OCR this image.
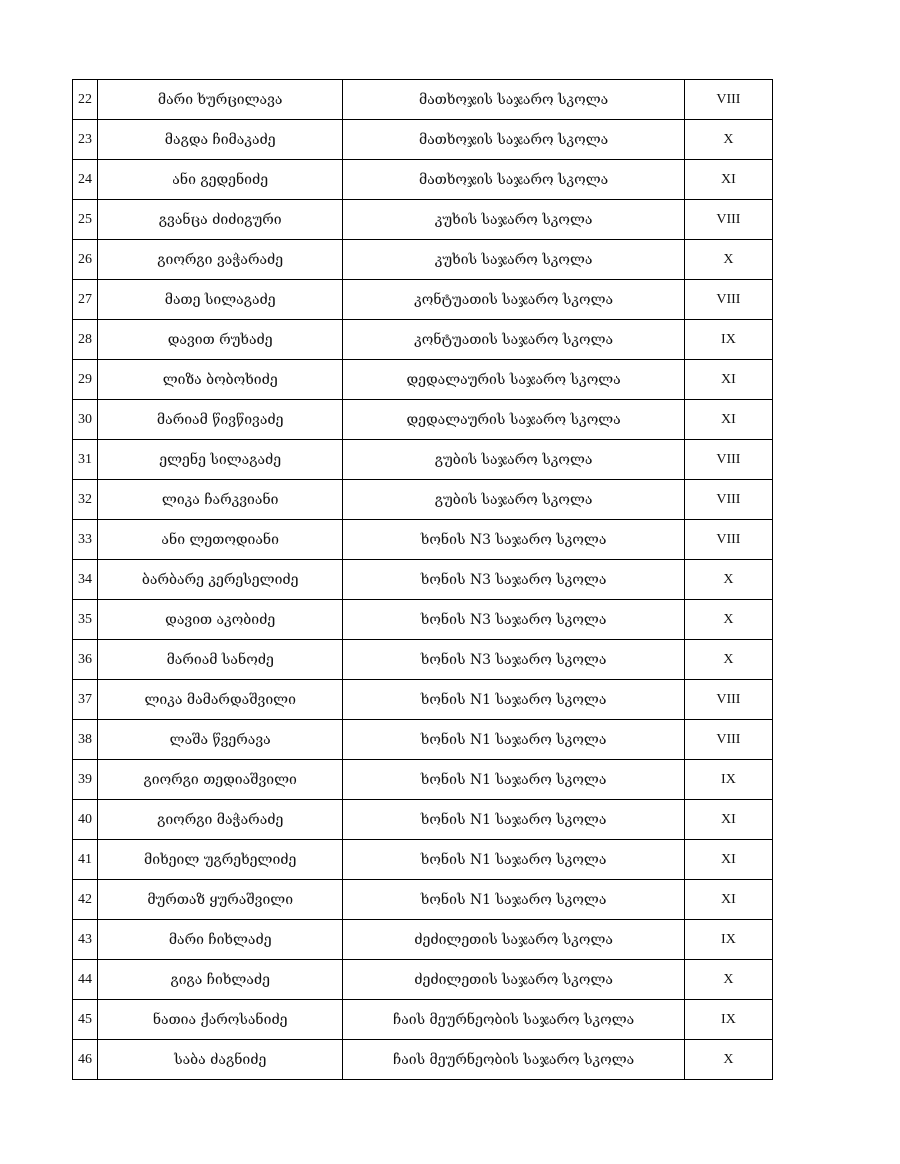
22	მარი ხურცილავა	მათხოჯის საჯარო სკოლა	VIII
23	მაგდა ჩიმაკაძე	მათხოჯის საჯარო სკოლა	X
24	ანი გედენიძე	მათხოჯის საჯარო სკოლა	XI
25	გვანცა ძიძიგური	კუხის საჯარო სკოლა	VIII
26	გიორგი ვაჭარაძე	კუხის საჯარო სკოლა	X
27	მათე სილაგაძე	კონტუათის საჯარო სკოლა	VIII
28	დავით რუხაძე	კონტუათის საჯარო სკოლა	IX
29	ლიზა ბობოხიძე	დედალაურის საჯარო სკოლა	XI
30	მარიამ წივწივაძე	დედალაურის საჯარო სკოლა	XI
31	ელენე სილაგაძე	გუბის საჯარო სკოლა	VIII
32	ლიკა ჩარკვიანი	გუბის საჯარო სკოლა	VIII
33	ანი ლეთოდიანი	ხონის N3 საჯარო სკოლა	VIII
34	ბარბარე კერესელიძე	ხონის N3 საჯარო სკოლა	X
35	დავით აკობიძე	ხონის N3 საჯარო სკოლა	X
36	მარიამ სანოძე	ხონის N3 საჯარო სკოლა	X
37	ლიკა მამარდაშვილი	ხონის N1 საჯარო სკოლა	VIII
38	ლაშა წვერავა	ხონის N1 საჯარო სკოლა	VIII
39	გიორგი თედიაშვილი	ხონის N1 საჯარო სკოლა	IX
40	გიორგი მაჭარაძე	ხონის N1 საჯარო სკოლა	XI
41	მიხეილ უგრეხელიძე	ხონის N1 საჯარო სკოლა	XI
42	მურთაზ ყურაშვილი	ხონის N1 საჯარო სკოლა	XI
43	მარი ჩიხლაძე	ძეძილეთის საჯარო სკოლა	IX
44	გიგა ჩიხლაძე	ძეძილეთის საჯარო სკოლა	X
45	ნათია ქაროსანიძე	ჩაის მეურნეობის საჯარო სკოლა	IX
46	საბა ძაგნიძე	ჩაის მეურნეობის საჯარო სკოლა	X
